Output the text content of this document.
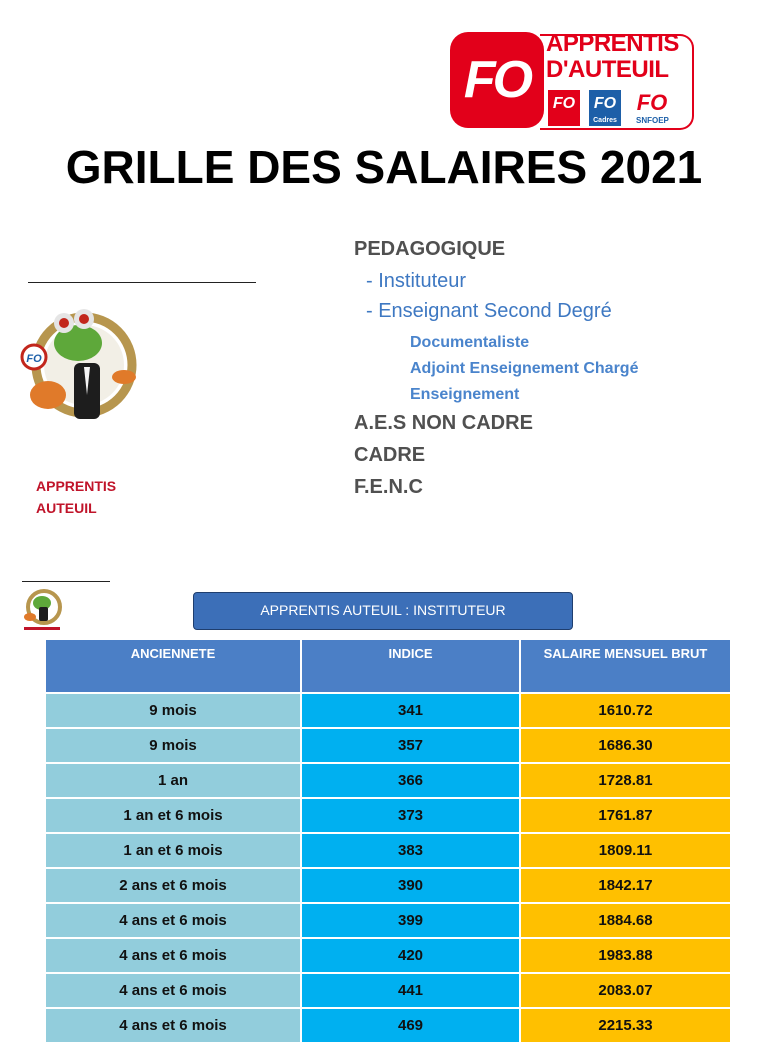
FO
APPRENTIS
D'AUTEUIL
FO	FO
Cadres
FO
SNFOEP
GRILLE DES SALAIRES 2021
PEDAGOGIQUE
- Instituteur
- Enseignant Second Degré
Documentaliste
Adjoint Enseignement Chargé
Enseignement
A.E.S NON CADRE
CADRE
F.E.N.C
FO
APPRENTIS
AUTEUIL
APPRENTIS AUTEUIL : INSTITUTEUR
ANCIENNETE	INDICE	SALAIRE MENSUEL BRUT
9 mois	341	1610.72
9 mois	357	1686.30
1 an	366	1728.81
1 an et 6 mois	373	1761.87
1 an et 6 mois	383	1809.11
2 ans et 6 mois	390	1842.17
4 ans et 6 mois	399	1884.68
4 ans et 6 mois	420	1983.88
4 ans et 6 mois	441	2083.07
4 ans et 6 mois	469	2215.33
